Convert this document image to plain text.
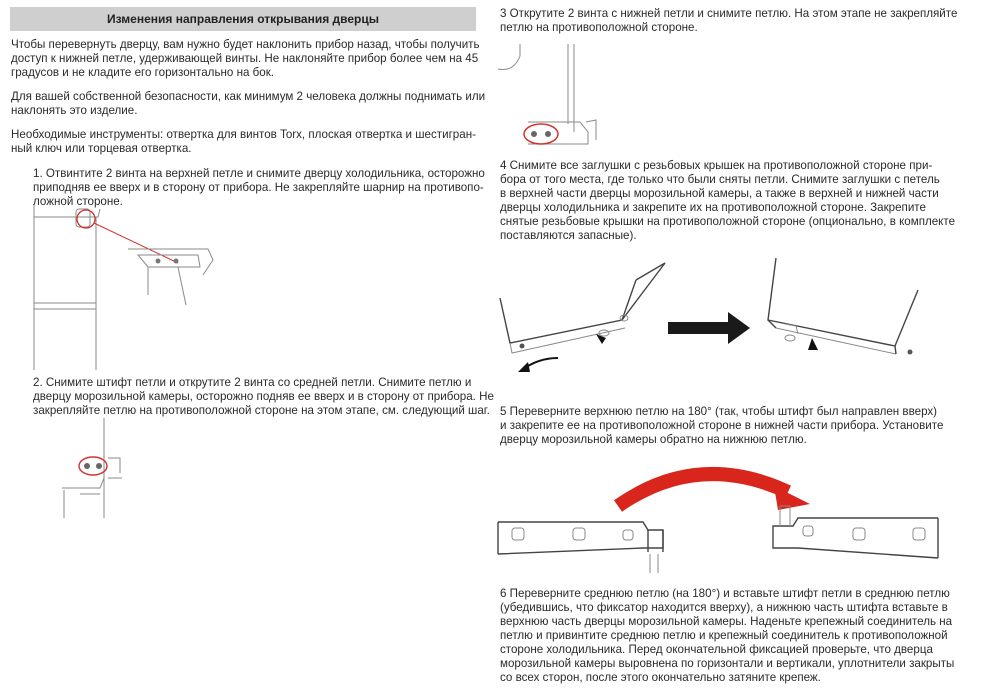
Изменения направления открывания дверцы

Чтобы перевернуть дверцу, вам нужно будет наклонить прибор назад, чтобы получить
доступ к нижней петле, удерживающей винты. Не наклоняйте прибор более чем на 45
градусов и не кладите его горизонтально на бок.

Для вашей собственной безопасности, как минимум 2 человека должны поднимать или
наклонять это изделие.

Необходимые инструменты: отвертка для винтов Torx, плоская отвертка и шестигран-
ный ключ или торцевая отвертка.

1. Отвинтите 2 винта на верхней петле и снимите дверцу холодильника, осторожно
приподняв ее вверх и в сторону от прибора. Не закрепляйте шарнир на противопо-
ложной стороне.

2. Снимите штифт петли и открутите 2 винта со средней петли. Снимите петлю и
дверцу морозильной камеры, осторожно подняв ее вверх и в сторону от прибора. Не
закрепляйте петлю на противоположной стороне на этом этапе, см. следующий шаг.

3 Открутите 2 винта с нижней петли и снимите петлю. На этом этапе не закрепляйте
петлю на противоположной стороне.

4 Снимите все заглушки с резьбовых крышек на противоположной стороне при-
бора от того места, где только что были сняты петли. Снимите заглушки с петель
в верхней части дверцы морозильной камеры, а также в верхней и нижней части
дверцы холодильника и закрепите их на противоположной стороне. Закрепите
снятые резьбовые крышки на противоположной стороне (опционально, в комплекте
поставляются запасные).

5 Переверните верхнюю петлю на 180° (так, чтобы штифт был направлен вверх)
и закрепите ее на противоположной стороне в нижней части прибора. Установите
дверцу морозильной камеры обратно на нижнюю петлю.

6 Переверните среднюю петлю (на 180°) и вставьте штифт петли в среднюю петлю
(убедившись, что фиксатор находится вверху), а нижнюю часть штифта вставьте в
верхнюю часть дверцы морозильной камеры. Наденьте крепежный соединитель на
петлю и привинтите среднюю петлю и крепежный соединитель к противоположной
стороне холодильника. Перед окончательной фиксацией проверьте, что дверца
морозильной камеры выровнена по горизонтали и вертикали, уплотнители закрыты
со всех сторон, после этого окончательно затяните крепеж.
